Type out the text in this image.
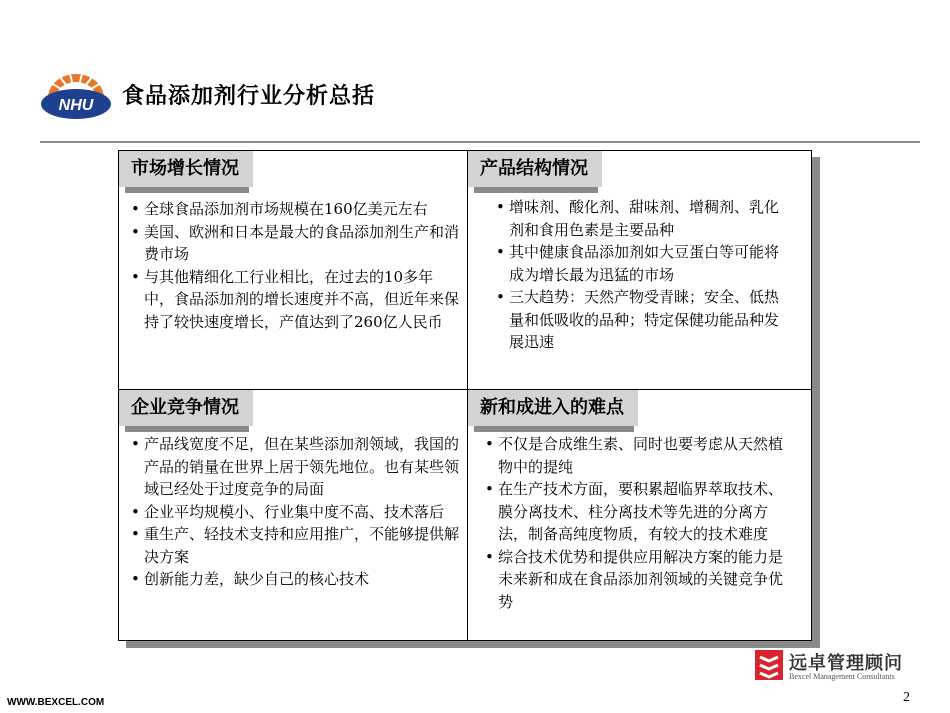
NHU 食品添加剂行业分析总括
市场增长情况
• 全球食品添加剂市场规模在160亿美元左右
• 美国、欧洲和日本是最大的食品添加剂生产和消费市场
• 与其他精细化工行业相比，在过去的10多年中，食品添加剂的增长速度并不高，但近年来保持了较快速度增长，产值达到了260亿人民币
产品结构情况
• 增味剂、酸化剂、甜味剂、增稠剂、乳化剂和食用色素是主要品种
• 其中健康食品添加剂如大豆蛋白等可能将成为增长最为迅猛的市场
• 三大趋势：天然产物受青睐；安全、低热量和低吸收的品种；特定保健功能品种发展迅速
企业竞争情况
• 产品线宽度不足，但在某些添加剂领域，我国的产品的销量在世界上居于领先地位。也有某些领域已经处于过度竞争的局面
• 企业平均规模小、行业集中度不高、技术落后
• 重生产、轻技术支持和应用推广，不能够提供解决方案
• 创新能力差，缺少自己的核心技术
新和成进入的难点
• 不仅是合成维生素、同时也要考虑从天然植物中的提纯
• 在生产技术方面，要积累超临界萃取技术、膜分离技术、柱分离技术等先进的分离方法，制备高纯度物质，有较大的技术难度
• 综合技术优势和提供应用解决方案的能力是未来新和成在食品添加剂领域的关键竞争优势
远卓管理顾问
Bexcel Management Consultants
WWW.BEXCEL.COM	2
